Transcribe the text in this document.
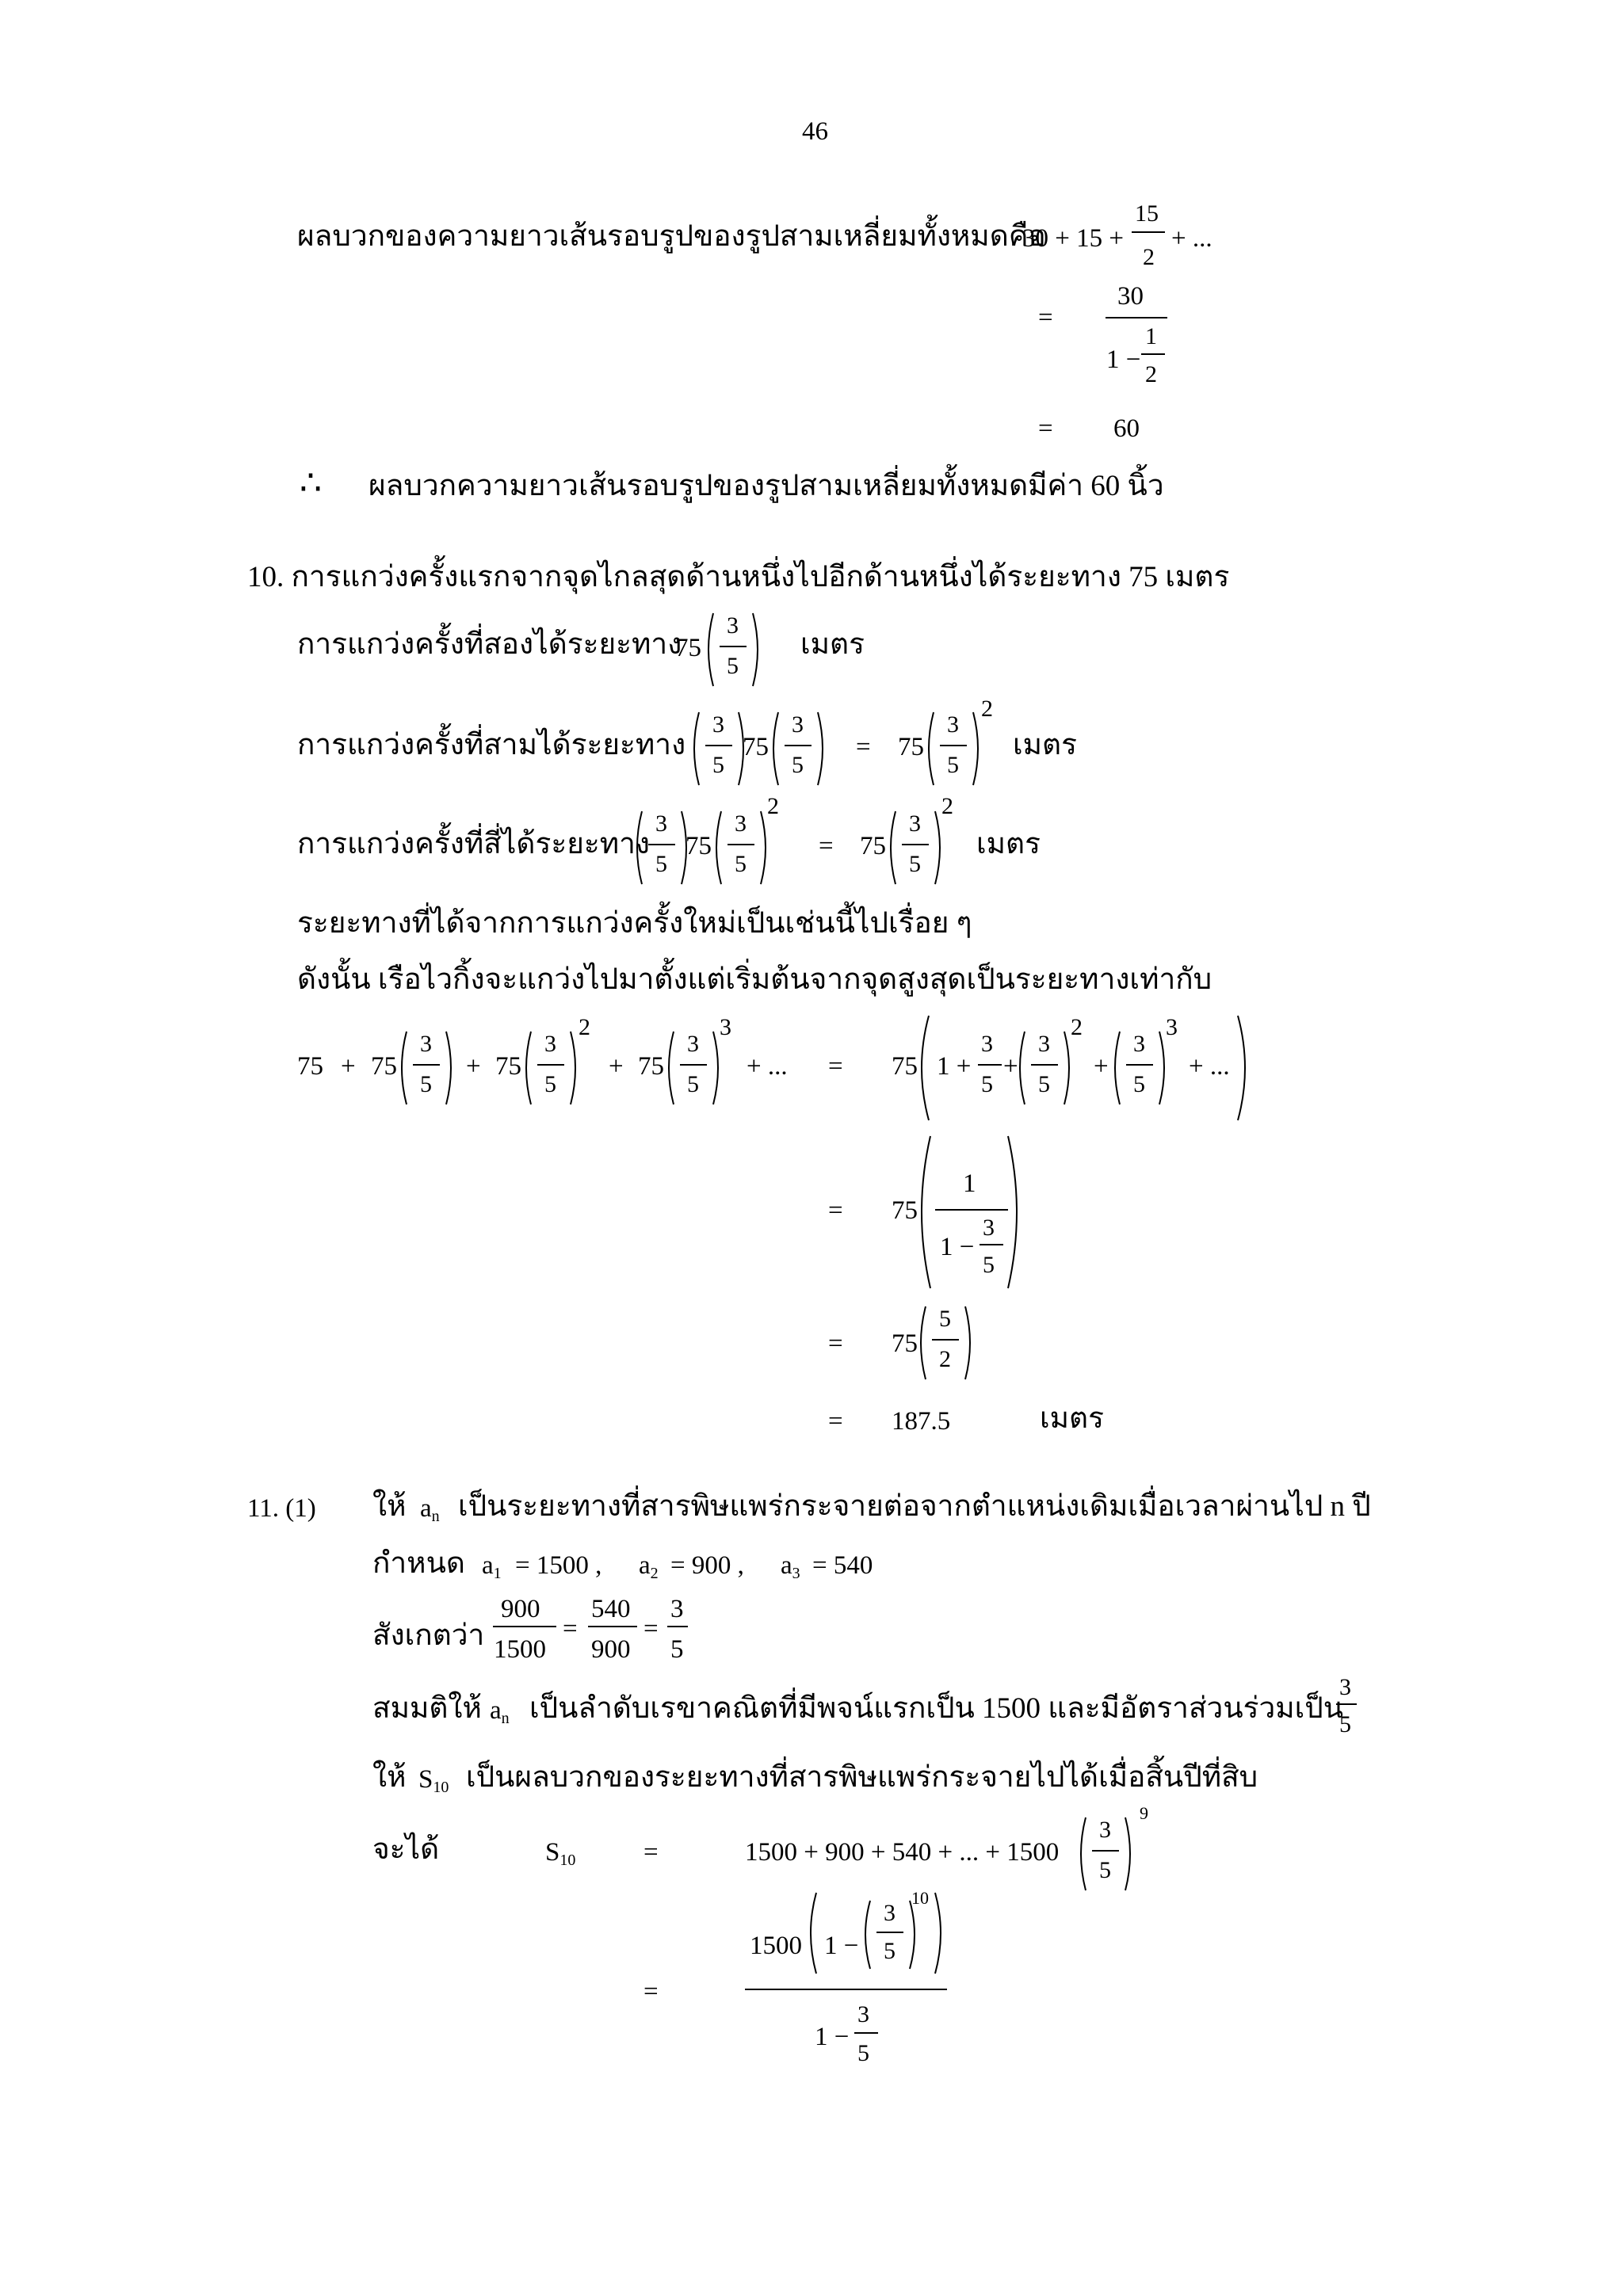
46
ผลบวกของความยาวเส้นรอบรูปของรูปสามเหลี่ยมทั้งหมดคือ
30 + 15 +
15
2
+ ...
=
30
1 −
1
2
= 60
∴ ผลบวกความยาวเส้นรอบรูปของรูปสามเหลี่ยมทั้งหมดมีค่า 60 นิ้ว
10. การแกว่งครั้งแรกจากจุดไกลสุดด้านหนึ่งไปอีกด้านหนึ่งได้ระยะทาง 75 เมตร
การแกว่งครั้งที่สองได้ระยะทาง
75
3
5
เมตร
การแกว่งครั้งที่สามได้ระยะทาง
3
5
75
3
5
= 75
3
5
2
เมตร
การแกว่งครั้งที่สี่ได้ระยะทาง
3
5
75
3
5
2
= 75
3
5
2
เมตร
ระยะทางที่ได้จากการแกว่งครั้งใหม่เป็นเช่นนี้ไปเรื่อย ๆ
ดังนั้น เรือไวกิ้งจะแกว่งไปมาตั้งแต่เริ่มต้นจากจุดสูงสุดเป็นระยะทางเท่ากับ
75 + 75
3
5
+ 75
3
5
2
+ 75
3
5
3
+ ... = 75 1 +
3
5
+
3
5
2
+
3
5
3
+ ...
= 75
1
1 −
3
5
= 75
5
2
= 187.5	เมตร
11. (1) ให้ $a_n$ เป็นระยะทางที่สารพิษแพร่กระจายต่อจากตำแหน่งเดิมเมื่อเวลาผ่านไป n ปี
กำหนด $a_1 = 1500$ , $a_2 = 900$ , $a_3 = 540$
สังเกตว่า
900
1500
=
540
900
=
3
5
สมมติให้ $a_n$ เป็นลำดับเรขาคณิตที่มีพจน์แรกเป็น 1500 และมีอัตราส่วนร่วมเป็น
3
5
ให้ $S_{10}$ เป็นผลบวกของระยะทางที่สารพิษแพร่กระจายไปได้เมื่อสิ้นปีที่สิบ
จะได้	$S_{10}$	=	1500 + 900 + 540 + ... + 1500
3
5
9
1500 1 −
3
5
10
1 −
3
5
=
